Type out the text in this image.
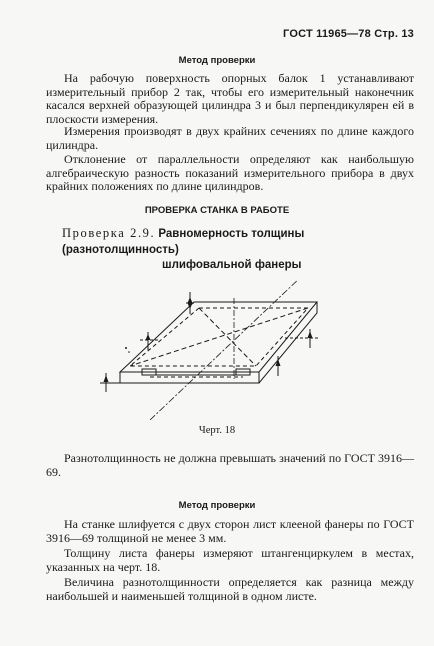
ГОСТ 11965—78 Стр. 13
Метод проверки

На рабочую поверхность опорных балок 1 устанавливают измерительный прибор 2 так, чтобы его измерительный наконечник касался верхней образующей цилиндра 3 и был перпендикулярен ей в плоскости измерения.

Измерения производят в двух крайних сечениях по длине каждого цилиндра.

Отклонение от параллельности определяют как наибольшую алгебраическую разность показаний измерительного прибора в двух крайних положениях по длине цилиндров.

ПРОВЕРКА СТАНКА В РАБОТЕ
Проверка 2.9. Равномерность толщины (разнотолщинность)
шлифовальной фанеры
Черт. 18

Разнотолщинность не должна превышать значений по ГОСТ 3916—69.

Метод проверки

На станке шлифуется с двух сторон лист клееной фанеры по ГОСТ 3916—69 толщиной не менее 3 мм.

Толщину листа фанеры измеряют штангенциркулем в местах, указанных на черт. 18.

Величина разнотолщинности определяется как разница между наибольшей и наименьшей толщиной в одном листе.
